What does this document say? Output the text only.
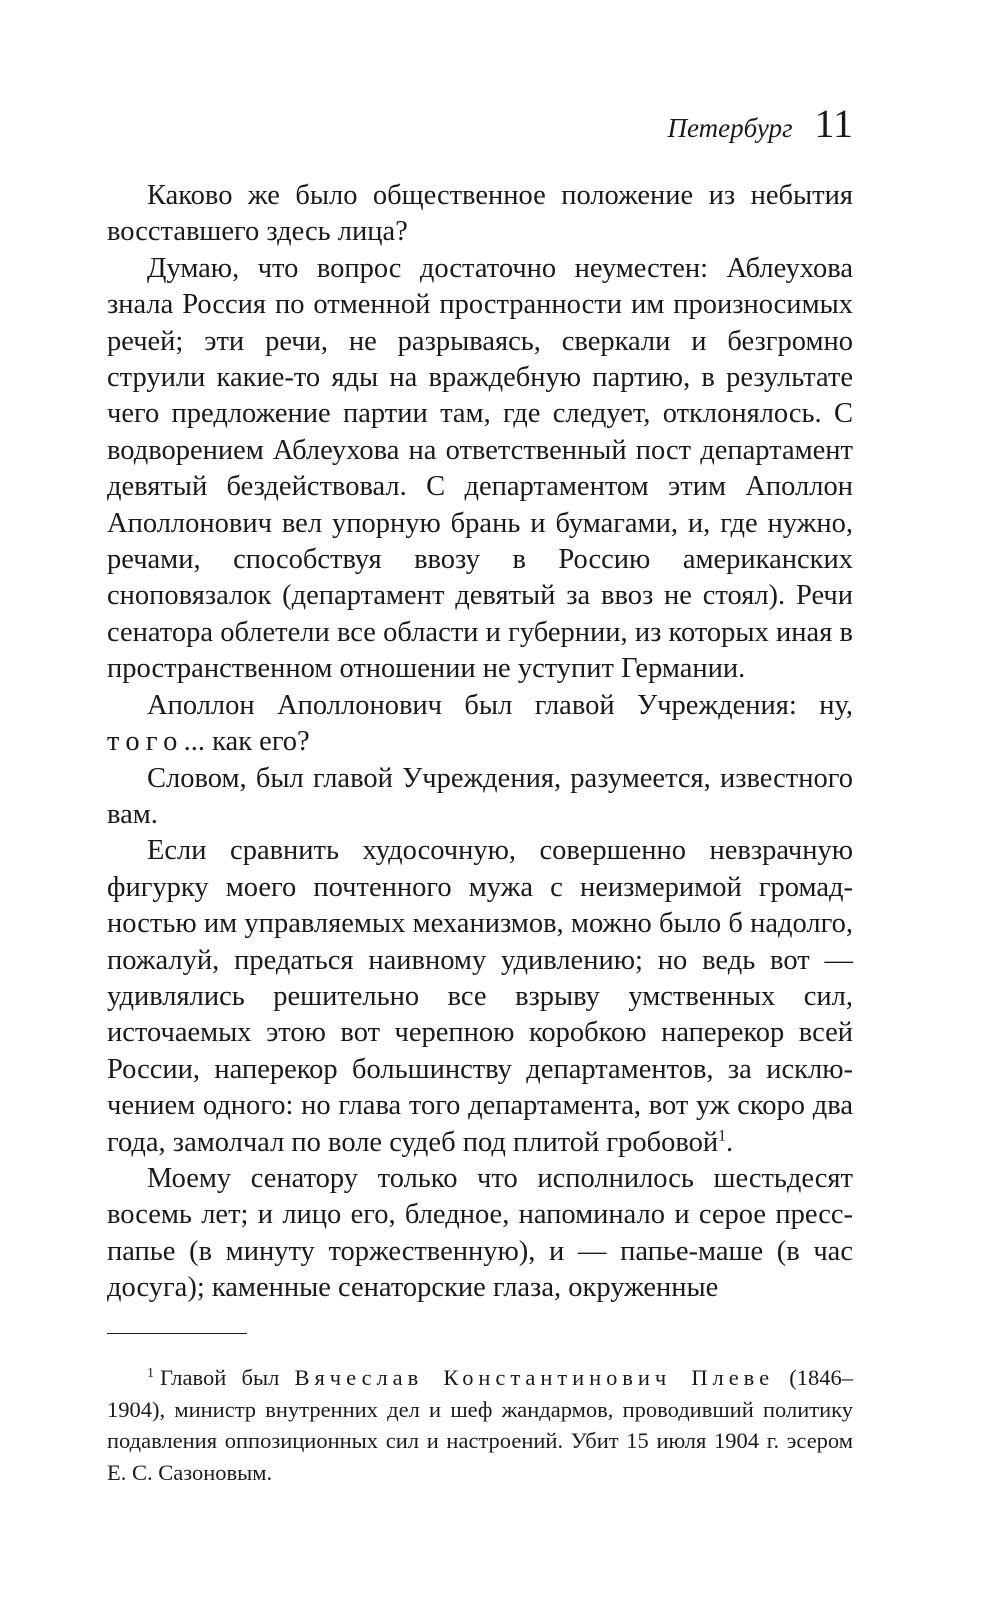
Петербург 11

Каково же было общественное положение из небытия восставшего здесь лица?

Думаю, что вопрос достаточно неуместен: Аблеухова знала Россия по отменной пространности им произносимых речей; эти речи, не разрываясь, сверкали и безгромно струили какие-то яды на враждебную партию, в результате чего предложение партии там, где следует, отклонялось. С водворением Аблеухова на ответственный пост департамент девятый бездействовал. С департаментом этим Аполлон Аполлонович вел упорную брань и бумагами, и, где нужно, речами, способствуя ввозу в Россию американских сноповязалок (департамент девятый за ввоз не стоял). Речи сенатора облетели все области и губернии, из которых иная в пространственном отношении не уступит Германии.

Аполлон Аполлонович был главой Учреждения: ну, того... как его?

Словом, был главой Учреждения, разумеется, известного вам.

Если сравнить худосочную, совершенно невзрачную фигурку моего почтенного мужа с неизмеримой громадностью им управляемых механизмов, можно было б надолго, пожалуй, предаться наивному удивлению; но ведь вот — удивлялись решительно все взрыву умственных сил, источаемых этою вот черепною коробкою наперекор всей России, наперекор большинству департаментов, за исключением одного: но глава того департамента, вот уж скоро два года, замолчал по воле судеб под плитой гробовой$^1$.

Моему сенатору только что исполнилось шестьдесят восемь лет; и лицо его, бледное, напоминало и серое пресс-папье (в минуту торжественную), и — папье-маше (в час досуга); каменные сенаторские глаза, окруженные

$^1$ Главой был Вячеслав Константинович Плеве (1846–1904), министр внутренних дел и шеф жандармов, проводивший политику подавления оппозиционных сил и настроений. Убит 15 июля 1904 г. эсером Е. С. Сазоновым.
